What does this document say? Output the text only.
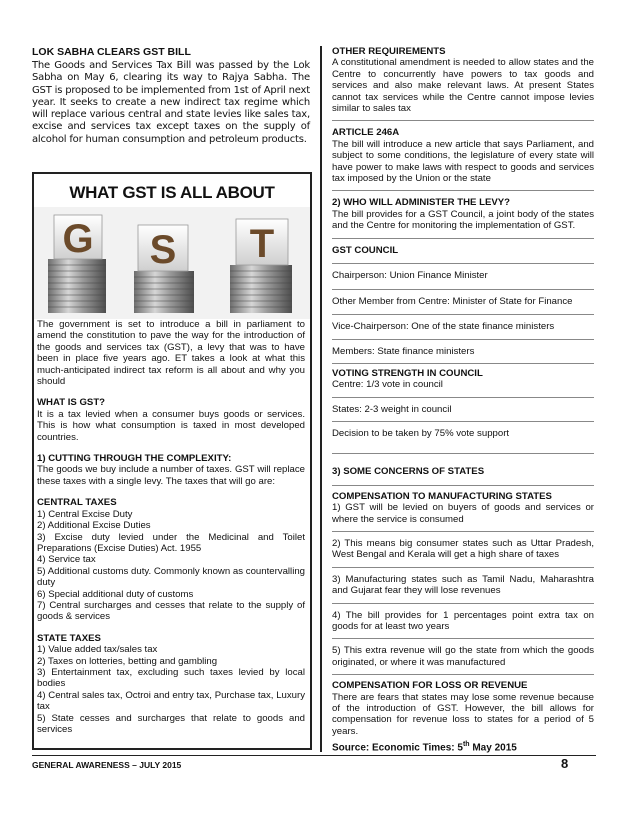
LOK SABHA CLEARS GST BILL

The Goods and Services Tax Bill was passed by the Lok Sabha on May 6, clearing its way to Rajya Sabha. The GST is proposed to be implemented from 1st of April next year. It seeks to create a new indirect tax regime which will replace various central and state levies like sales tax, excise and services tax except taxes on the supply of alcohol for human consumption and petroleum products.

WHAT GST IS ALL ABOUT
G S T

The government is set to introduce a bill in parliament to amend the constitution to pave the way for the introduction of the goods and services tax (GST), a levy that was to have been in place five years ago. ET takes a look at what this much-anticipated indirect tax reform is all about and why you should

WHAT IS GST?

It is a tax levied when a consumer buys goods or services. This is how what consumption is taxed in most developed countries.

1) CUTTING THROUGH THE COMPLEXITY:

The goods we buy include a number of taxes. GST will replace these taxes with a single levy. The taxes that will go are:

CENTRAL TAXES

1) Central Excise Duty

2) Additional Excise Duties

3) Excise duty levied under the Medicinal and Toilet Preparations (Excise Duties) Act. 1955

4) Service tax

5) Additional customs duty. Commonly known as countervalling duty

6) Special additional duty of customs

7) Central surcharges and cesses that relate to the supply of goods & services

STATE TAXES

1) Value added tax/sales tax

2) Taxes on lotteries, betting and gambling

3) Entertainment tax, excluding such taxes levied by local bodies

4) Central sales tax, Octroi and entry tax, Purchase tax, Luxury tax

5) State cesses and surcharges that relate to goods and services

OTHER REQUIREMENTS

A constitutional amendment is needed to allow states and the Centre to concurrently have powers to tax goods and services and also make relevant laws. At present States cannot tax services while the Centre cannot impose levies similar to sales tax

ARTICLE 246A

The bill will introduce a new article that says Parliament, and subject to some conditions, the legislature of every state will have power to make laws with respect to goods and services tax imposed by the Union or the state

2) WHO WILL ADMINISTER THE LEVY?

The bill provides for a GST Council, a joint body of the states and the Centre for monitoring the implementation of GST.

GST COUNCIL

Chairperson: Union Finance Minister

Other Member from Centre: Minister of State for Finance

Vice-Chairperson: One of the state finance ministers

Members: State finance ministers

VOTING STRENGTH IN COUNCIL

Centre: 1/3 vote in council

States: 2-3 weight in council

Decision to be taken by 75% vote support

3) SOME CONCERNS OF STATES

COMPENSATION TO MANUFACTURING STATES

1) GST will be levied on buyers of goods and services or where the service is consumed

2) This means big consumer states such as Uttar Pradesh, West Bengal and Kerala will get a high share of taxes

3) Manufacturing states such as Tamil Nadu, Maharashtra and Gujarat fear they will lose revenues

4) The bill provides for 1 percentages point extra tax on goods for at least two years

5) This extra revenue will go the state from which the goods originated, or where it was manufactured

COMPENSATION FOR LOSS OR REVENUE

There are fears that states may lose some revenue because of the introduction of GST. However, the bill allows for compensation for revenue loss to states for a period of 5 years.

Source: Economic Times: 5th May 2015

GENERAL AWARENESS – JULY 2015	8
